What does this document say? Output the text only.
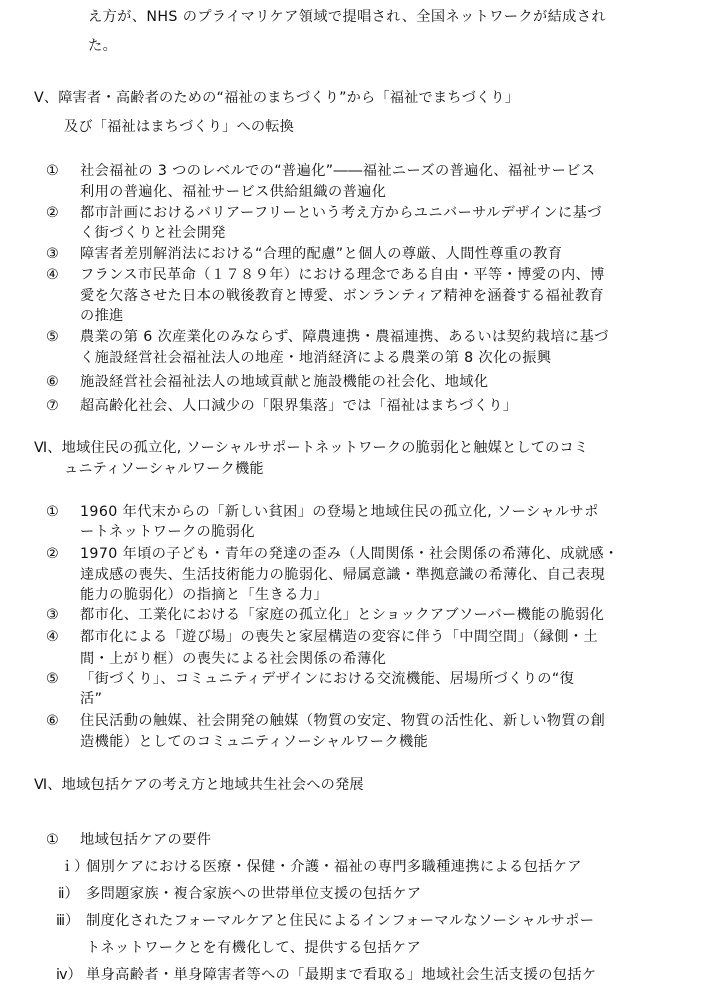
え方が、NHS のプライマリケア領域で提唱され、全国ネットワークが結成され
た。
Ⅴ、障害者・高齢者のための“福祉のまちづくり”から「福祉でまちづくり」
及び「福祉はまちづくり」への転換
① 社会福祉の 3 つのレベルでの“普遍化”――福祉ニーズの普遍化、福祉サービス
利用の普遍化、福祉サービス供給組織の普遍化
② 都市計画におけるバリアーフリーという考え方からユニバーサルデザインに基づ
く街づくりと社会開発
③ 障害者差別解消法における“合理的配慮”と個人の尊厳、人間性尊重の教育
④ フランス市民革命（１７８９年）における理念である自由・平等・博愛の内、博
愛を欠落させた日本の戦後教育と博愛、ボンランティア精神を涵養する福祉教育
の推進
⑤ 農業の第 6 次産業化のみならず、障農連携・農福連携、あるいは契約栽培に基づ
く施設経営社会福祉法人の地産・地消経済による農業の第 8 次化の振興
⑥ 施設経営社会福祉法人の地域貢献と施設機能の社会化、地域化
⑦ 超高齢化社会、人口減少の「限界集落」では「福祉はまちづくり」
Ⅵ、地域住民の孤立化, ソーシャルサポートネットワークの脆弱化と触媒としてのコミ
ュニティソーシャルワーク機能
① 1960 年代末からの「新しい貧困」の登場と地域住民の孤立化, ソーシャルサポ
ートネットワークの脆弱化
② 1970 年頃の子ども・青年の発達の歪み（人間関係・社会関係の希薄化、成就感・
達成感の喪失、生活技術能力の脆弱化、帰属意識・準拠意識の希薄化、自己表現
能力の脆弱化）の指摘と「生きる力」
③ 都市化、工業化における「家庭の孤立化」とショックアブソーバー機能の脆弱化
④ 都市化による「遊び場」の喪失と家屋構造の変容に伴う「中間空間」（縁側・土
間・上がり框）の喪失による社会関係の希薄化
⑤ 「街づくり」、コミュニティデザインにおける交流機能、居場所づくりの“復
活”
⑥ 住民活動の触媒、社会開発の触媒（物質の安定、物質の活性化、新しい物質の創
造機能）としてのコミュニティソーシャルワーク機能
Ⅵ、地域包括ケアの考え方と地域共生社会への発展
① 地域包括ケアの要件
ｉ）
個別ケアにおける医療・保健・介護・福祉の専門多職種連携による包括ケア
ⅱ） 多問題家族・複合家族への世帯単位支援の包括ケア
ⅲ） 制度化されたフォーマルケアと住民によるインフォーマルなソーシャルサポー
トネットワークとを有機化して、提供する包括ケア
ⅳ） 単身高齢者・単身障害者等への「最期まで看取る」地域社会生活支援の包括ケ
